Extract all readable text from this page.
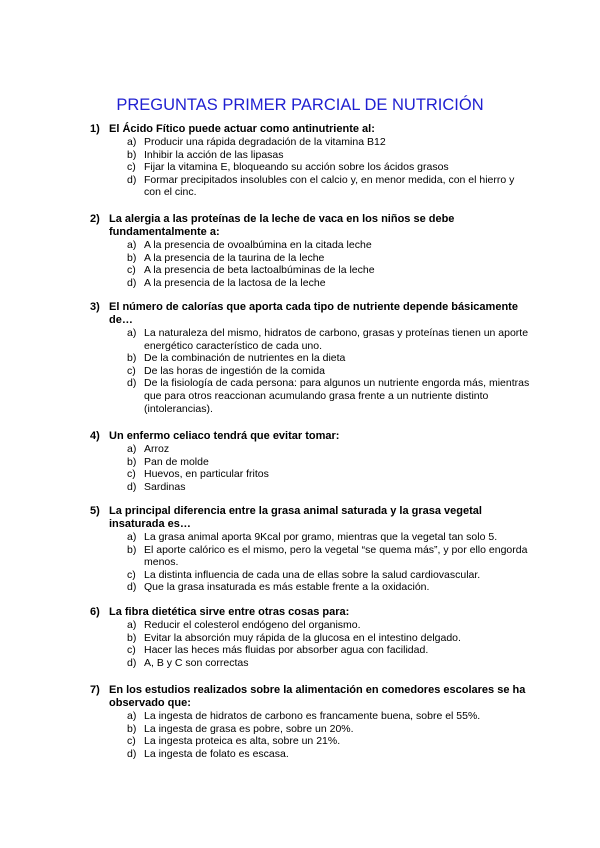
PREGUNTAS PRIMER PARCIAL DE NUTRICIÓN
1) El Ácido Fítico puede actuar como antinutriente al:
a) Producir una rápida degradación de la vitamina B12
b) Inhibir la acción de las lipasas
c) Fijar la vitamina E, bloqueando su acción sobre los ácidos grasos
d) Formar precipitados insolubles con el calcio y, en menor medida, con el hierro y con el cinc.
2) La alergia a las proteínas de la leche de vaca en los niños se debe fundamentalmente a:
a) A la presencia de ovoalbúmina en la citada leche
b) A la presencia de la taurina de la leche
c) A la presencia de beta lactoalbúminas de la leche
d) A la presencia de la lactosa de la leche
3) El número de calorías que aporta cada tipo de nutriente depende básicamente de…
a) La naturaleza del mismo, hidratos de carbono, grasas y proteínas tienen un aporte energético característico de cada uno.
b) De la combinación de nutrientes en la dieta
c) De las horas de ingestión de la comida
d) De la fisiología de cada persona: para algunos un nutriente engorda más, mientras que para otros reaccionan acumulando grasa frente a un nutriente distinto (intolerancias).
4) Un enfermo celiaco tendrá que evitar tomar:
a) Arroz
b) Pan de molde
c) Huevos, en particular fritos
d) Sardinas
5) La principal diferencia entre la grasa animal saturada y la grasa vegetal insaturada es…
a) La grasa animal aporta 9Kcal por gramo, mientras que la vegetal tan solo 5.
b) El aporte calórico es el mismo, pero la vegetal “se quema más”, y por ello engorda menos.
c) La distinta influencia de cada una de ellas sobre la salud cardiovascular.
d) Que la grasa insaturada es más estable frente a la oxidación.
6) La fibra dietética sirve entre otras cosas para:
a) Reducir el colesterol endógeno del organismo.
b) Evitar la absorción muy rápida de la glucosa en el intestino delgado.
c) Hacer las heces más fluidas por absorber agua con facilidad.
d) A, B y C son correctas
7) En los estudios realizados sobre la alimentación en comedores escolares se ha observado que:
a) La ingesta de hidratos de carbono es francamente buena, sobre el 55%.
b) La ingesta de grasa es pobre, sobre un 20%.
c) La ingesta proteica es alta, sobre un 21%.
d) La ingesta de folato es escasa.
